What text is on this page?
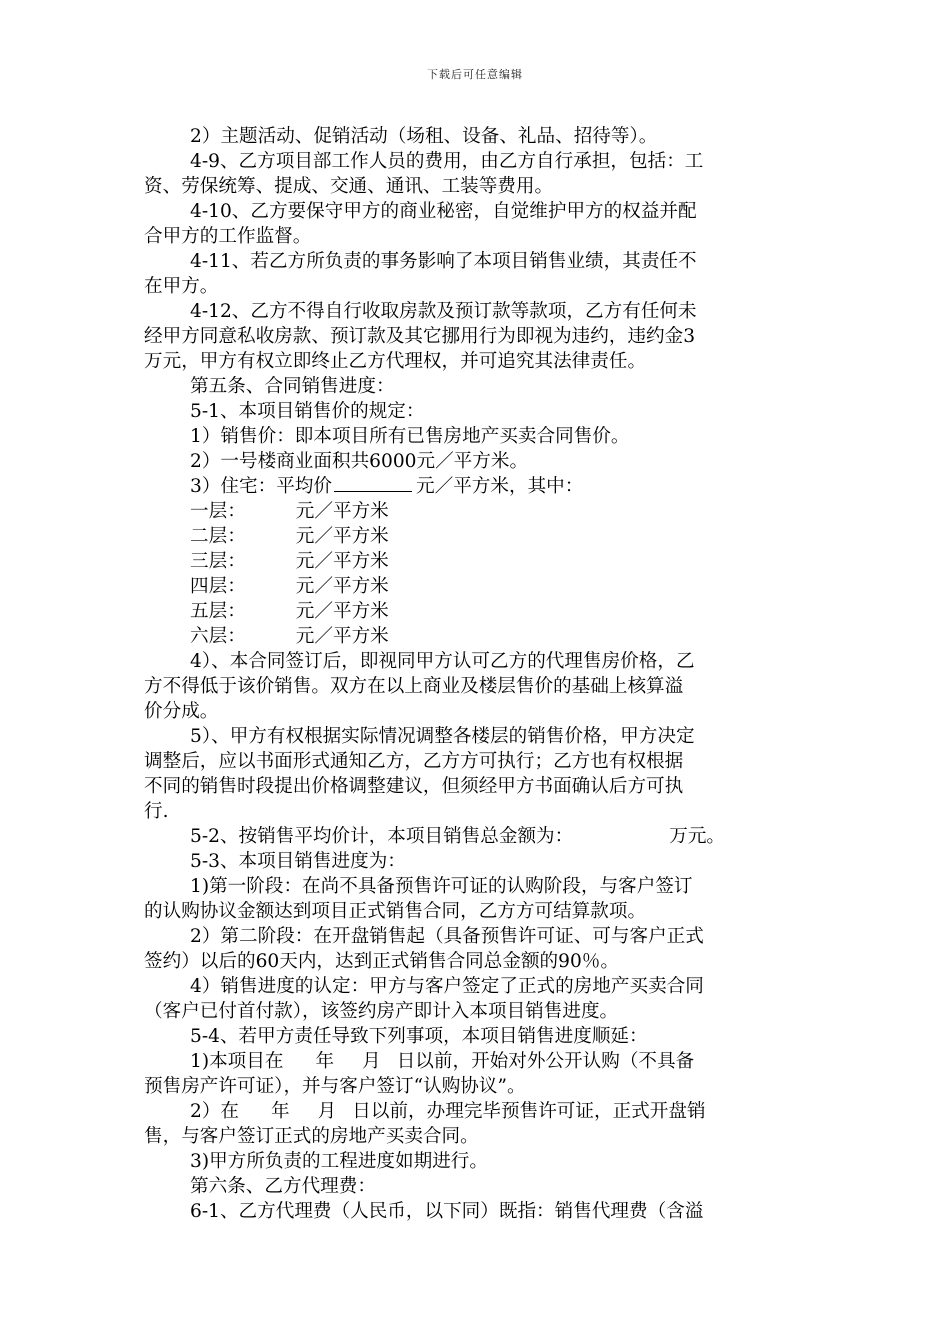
下载后可任意编辑
2）主题活动、促销活动（场租、设备、礼品、招待等）。
4-9、乙方项目部工作人员的费用，由乙方自行承担，包括：工
资、劳保统筹、提成、交通、通讯、工装等费用。
4-10、乙方要保守甲方的商业秘密，自觉维护甲方的权益并配
合甲方的工作监督。
4-11、若乙方所负责的事务影响了本项目销售业绩，其责任不
在甲方。
4-12、乙方不得自行收取房款及预订款等款项，乙方有任何未
经甲方同意私收房款、预订款及其它挪用行为即视为违约，违约金3
万元，甲方有权立即终止乙方代理权，并可追究其法律责任。
第五条、合同销售进度：
5-1、本项目销售价的规定：
1）销售价：即本项目所有已售房地产买卖合同售价。
2）一号楼商业面积共6000元／平方米。
3）住宅：平均价	元／平方米，其中：
一层：	元／平方米
二层：	元／平方米
三层：	元／平方米
四层：	元／平方米
五层：	元／平方米
六层：	元／平方米
4）、本合同签订后，即视同甲方认可乙方的代理售房价格，乙
方不得低于该价销售。双方在以上商业及楼层售价的基础上核算溢
价分成。
5）、甲方有权根据实际情况调整各楼层的销售价格，甲方决定
调整后，应以书面形式通知乙方，乙方方可执行；乙方也有权根据
不同的销售时段提出价格调整建议，但须经甲方书面确认后方可执
行.
5-2、按销售平均价计，本项目销售总金额为：	万元。
5-3、本项目销售进度为：
1)第一阶段：在尚不具备预售许可证的认购阶段，与客户签订
的认购协议金额达到项目正式销售合同，乙方方可结算款项。
2）第二阶段：在开盘销售起（具备预售许可证、可与客户正式
签约）以后的60天内，达到正式销售合同总金额的90％。
4）销售进度的认定：甲方与客户签定了正式的房地产买卖合同
（客户已付首付款），该签约房产即计入本项目销售进度。
5-4、若甲方责任导致下列事项，本项目销售进度顺延：
1)本项目在 年 月 日以前，开始对外公开认购（不具备
预售房产许可证），并与客户签订“认购协议”。
2）在 年 月 日以前，办理完毕预售许可证，正式开盘销
售，与客户签订正式的房地产买卖合同。
3)甲方所负责的工程进度如期进行。
第六条、乙方代理费：
6-1、乙方代理费（人民币，以下同）既指：销售代理费（含溢
